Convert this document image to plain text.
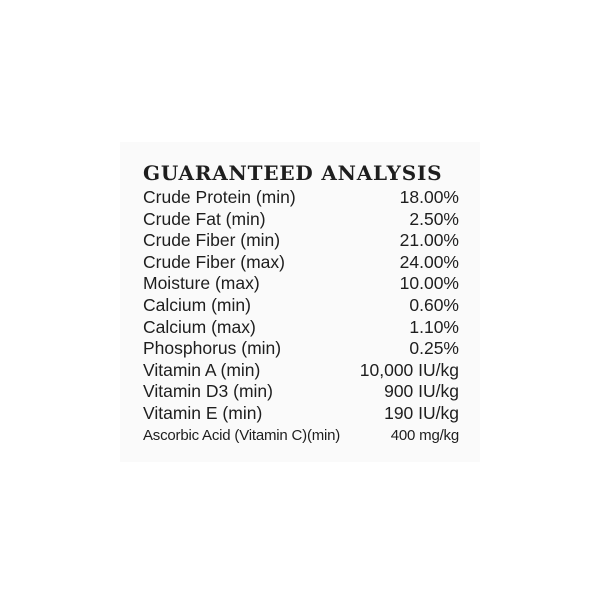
GUARANTEED ANALYSIS
Crude Protein (min)	18.00%
Crude Fat (min)	2.50%
Crude Fiber (min)	21.00%
Crude Fiber (max)	24.00%
Moisture (max)	10.00%
Calcium (min)	0.60%
Calcium (max)	1.10%
Phosphorus (min)	0.25%
Vitamin A (min)	10,000 IU/kg
Vitamin D3 (min)	900 IU/kg
Vitamin E (min)	190 IU/kg
Ascorbic Acid (Vitamin C)(min)	400 mg/kg
